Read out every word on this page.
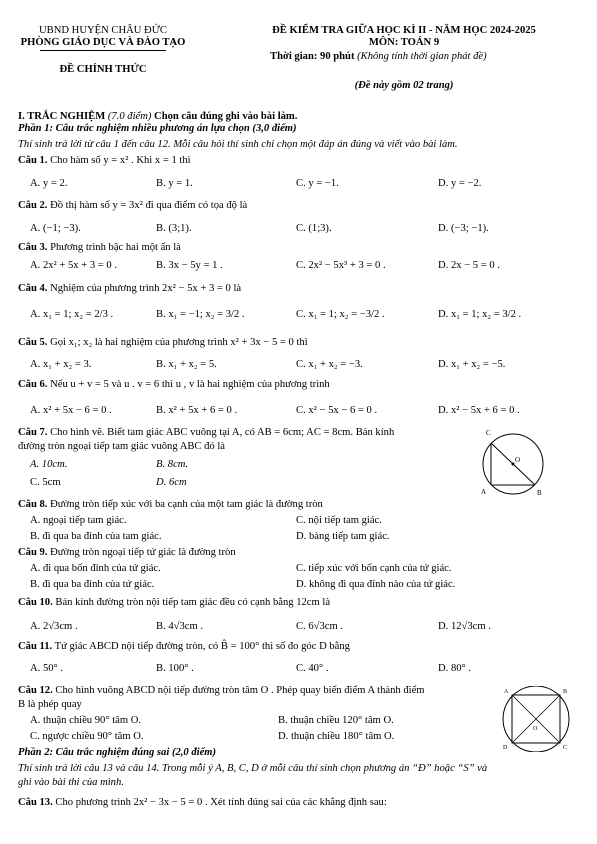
UBND HUYỆN CHÂU ĐỨC
PHÒNG GIÁO DỤC VÀ ĐÀO TẠO
ĐỀ CHÍNH THỨC
ĐỀ KIỂM TRA GIỮA HỌC KÌ II - NĂM HỌC 2024-2025
MÔN: TOÁN 9
Thời gian: 90 phút (Không tính thời gian phát đề)
(Đề này gồm 02 trang)
I. TRẮC NGHIỆM (7.0 điểm) Chọn câu đúng ghi vào bài làm.
Phần 1: Câu trắc nghiệm nhiều phương án lựa chọn (3,0 điểm)
Thí sinh trả lời từ câu 1 đến câu 12. Mỗi câu hỏi thí sinh chỉ chọn một đáp án đúng và viết vào bài làm.
Câu 1. Cho hàm số y = x² . Khi x = 1 thì
A. y = 2.	B. y = 1.	C. y = −1.	D. y = −2.
Câu 2. Đồ thị hàm số y = 3x² đi qua điểm có tọa độ là
A. (−1; −3).	B. (3;1).	C. (1;3).	D. (−3; −1).
Câu 3. Phương trình bậc hai một ẩn là
A. 2x² + 5x + 3 = 0 .	B. 3x − 5y = 1 .	C. 2x² − 5x³ + 3 = 0 .	D. 2x − 5 = 0 .
Câu 4. Nghiệm của phương trình 2x² − 5x + 3 = 0 là
A. x₁ = 1; x₂ = 2/3 .	B. x₁ = −1; x₂ = 3/2 .	C. x₁ = 1; x₂ = −3/2 .	D. x₁ = 1; x₂ = 3/2 .
Câu 5. Gọi x₁; x₂ là hai nghiệm của phương trình x² + 3x − 5 = 0 thì
A. x₁ + x₂ = 3.	B. x₁ + x₂ = 5.	C. x₁ + x₂ = −3.	D. x₁ + x₂ = −5.
Câu 6. Nếu u + v = 5 và u . v = 6 thì u , v là hai nghiệm của phương trình
A. x² + 5x − 6 = 0 .	B. x² + 5x + 6 = 0 .	C. x² − 5x − 6 = 0 .	D. x² − 5x + 6 = 0 .
Câu 7. Cho hình vẽ. Biết tam giác ABC vuông tại A, có AB = 6cm; AC = 8cm. Bán kính
đường tròn ngoại tiếp tam giác vuông ABC đó là
A. 10cm.	B. 8cm.
C. 5cm	D. 6cm
C
O
A	B
Câu 8. Đường tròn tiếp xúc với ba cạnh của một tam giác là đường tròn
A. ngoại tiếp tam giác.	C. nội tiếp tam giác.
B. đi qua ba đỉnh của tam giác.	D. bàng tiếp tam giác.
Câu 9. Đường tròn ngoại tiếp tứ giác là đường tròn
A. đi qua bốn đỉnh của tứ giác.	C. tiếp xúc với bốn cạnh của tứ giác.
B. đi qua ba đỉnh của tứ giác.	D. không đi qua đỉnh nào của tứ giác.
Câu 10. Bán kính đường tròn nội tiếp tam giác đều có cạnh bằng 12cm là
A. 2√3cm .	B. 4√3cm .	C. 6√3cm .	D. 12√3cm .
Câu 11. Tứ giác ABCD nội tiếp đường tròn, có B̂ = 100° thì số đo góc D bằng
A. 50° .	B. 100° .	C. 40° .	D. 80° .
Câu 12. Cho hình vuông ABCD nội tiếp đường tròn tâm O . Phép quay biến điểm A thành điểm
B là phép quay
A. thuận chiều 90° tâm O.	B. thuận chiều 120° tâm O.
C. ngược chiều 90° tâm O.	D. thuận chiều 180° tâm O.
A	B
C
D
O
Phần 2: Câu trắc nghiệm đúng sai (2,0 điểm)
Thí sinh trả lời câu 13 và câu 14. Trong mỗi ý A, B, C, D ở mỗi câu thí sinh chọn phương án “Đ” hoặc “S” và
ghi vào bài thi của mình.
Câu 13. Cho phương trình 2x² − 3x − 5 = 0 . Xét tính đúng sai của các khẳng định sau:
